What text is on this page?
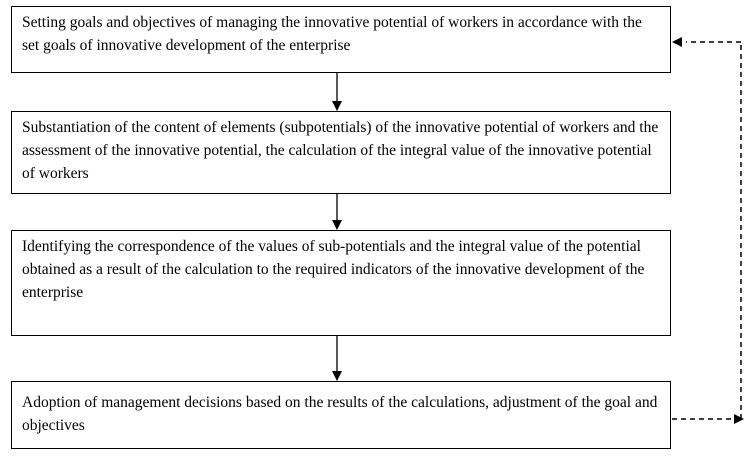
Setting goals and objectives of managing the innovative potential of workers in accordance with the set goals of innovative development of the enterprise
Substantiation of the content of elements (subpotentials) of the innovative potential of workers and the assessment of the innovative potential, the calculation of the integral value of the innovative potential of workers
Identifying the correspondence of the values of sub-potentials and the integral value of the potential obtained as a result of the calculation to the required indicators of the innovative development of the enterprise
Adoption of management decisions based on the results of the calculations, adjustment of the goal and objectives
